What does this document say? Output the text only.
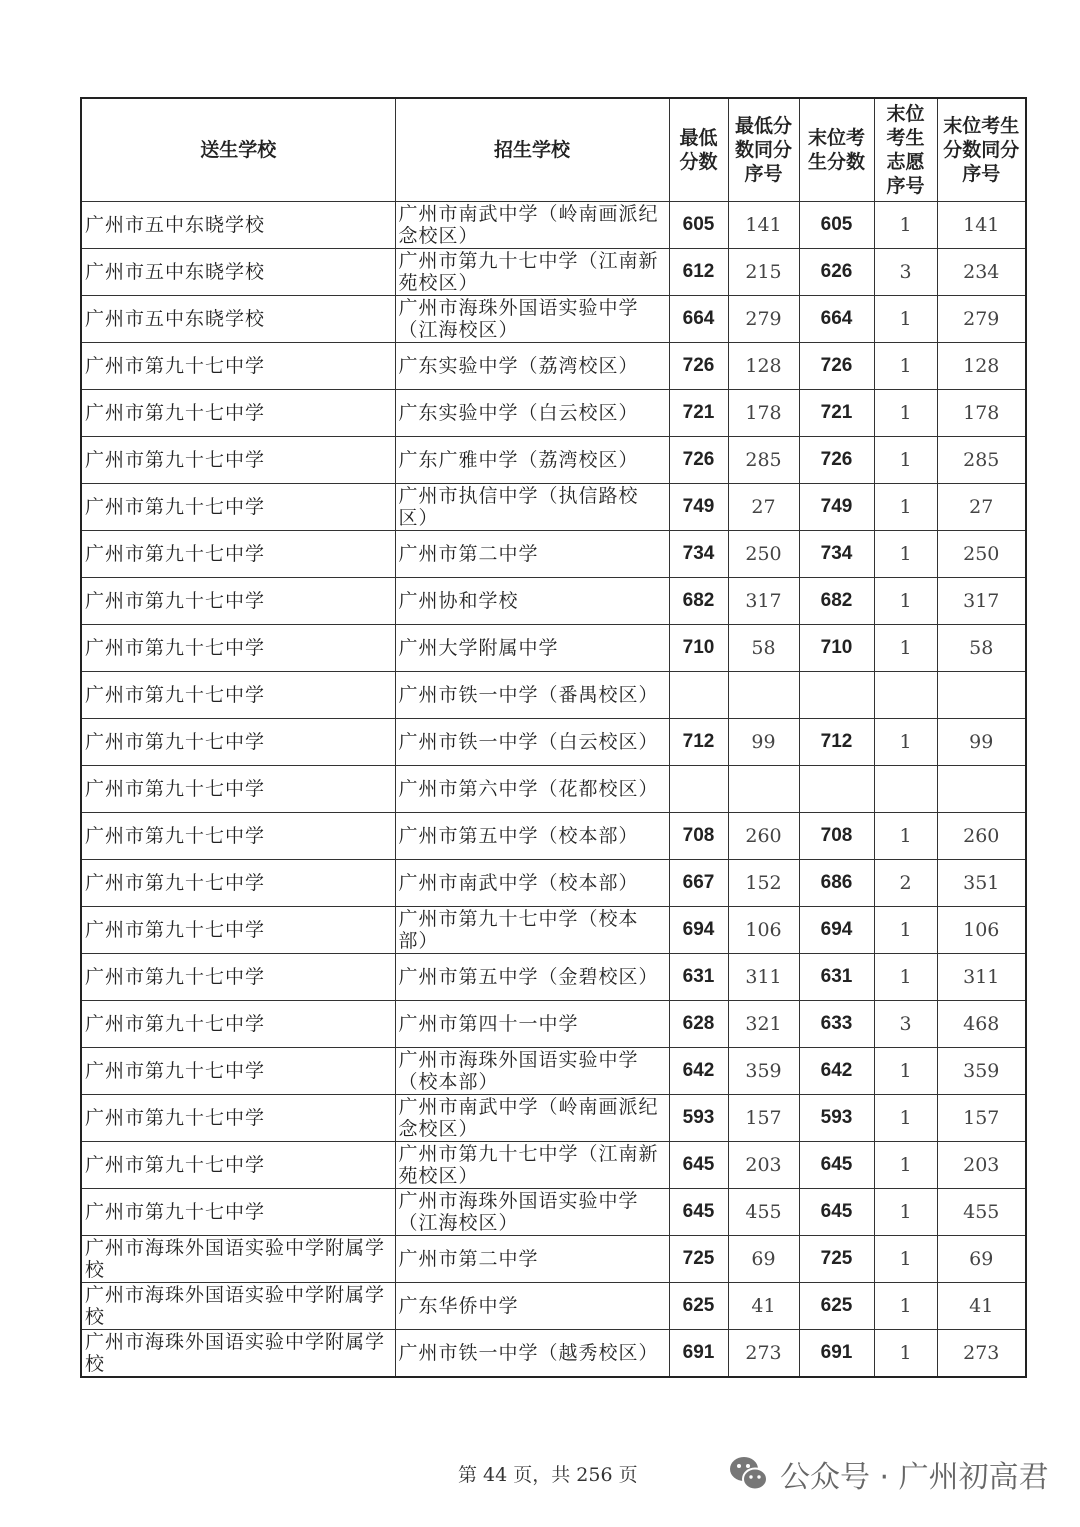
送生学校	招生学校	最低分数	最低分数同分序号	末位考生分数	末位考生志愿序号	末位考生分数同分序号
广州市五中东晓学校	广州市南武中学（岭南画派纪念校区）	605	141	605	1	141
广州市五中东晓学校	广州市第九十七中学（江南新苑校区）	612	215	626	3	234
广州市五中东晓学校	广州市海珠外国语实验中学（江海校区）	664	279	664	1	279
广州市第九十七中学	广东实验中学（荔湾校区）	726	128	726	1	128
广州市第九十七中学	广东实验中学（白云校区）	721	178	721	1	178
广州市第九十七中学	广东广雅中学（荔湾校区）	726	285	726	1	285
广州市第九十七中学	广州市执信中学（执信路校区）	749	27	749	1	27
广州市第九十七中学	广州市第二中学	734	250	734	1	250
广州市第九十七中学	广州协和学校	682	317	682	1	317
广州市第九十七中学	广州大学附属中学	710	58	710	1	58
广州市第九十七中学	广州市铁一中学（番禺校区）					
广州市第九十七中学	广州市铁一中学（白云校区）	712	99	712	1	99
广州市第九十七中学	广州市第六中学（花都校区）					
广州市第九十七中学	广州市第五中学（校本部）	708	260	708	1	260
广州市第九十七中学	广州市南武中学（校本部）	667	152	686	2	351
广州市第九十七中学	广州市第九十七中学（校本部）	694	106	694	1	106
广州市第九十七中学	广州市第五中学（金碧校区）	631	311	631	1	311
广州市第九十七中学	广州市第四十一中学	628	321	633	3	468
广州市第九十七中学	广州市海珠外国语实验中学（校本部）	642	359	642	1	359
广州市第九十七中学	广州市南武中学（岭南画派纪念校区）	593	157	593	1	157
广州市第九十七中学	广州市第九十七中学（江南新苑校区）	645	203	645	1	203
广州市第九十七中学	广州市海珠外国语实验中学（江海校区）	645	455	645	1	455
广州市海珠外国语实验中学附属学校	广州市第二中学	725	69	725	1	69
广州市海珠外国语实验中学附属学校	广东华侨中学	625	41	625	1	41
广州市海珠外国语实验中学附属学校	广州市铁一中学（越秀校区）	691	273	691	1	273
第 44 页，共 256 页	公众号 · 广州初高君
